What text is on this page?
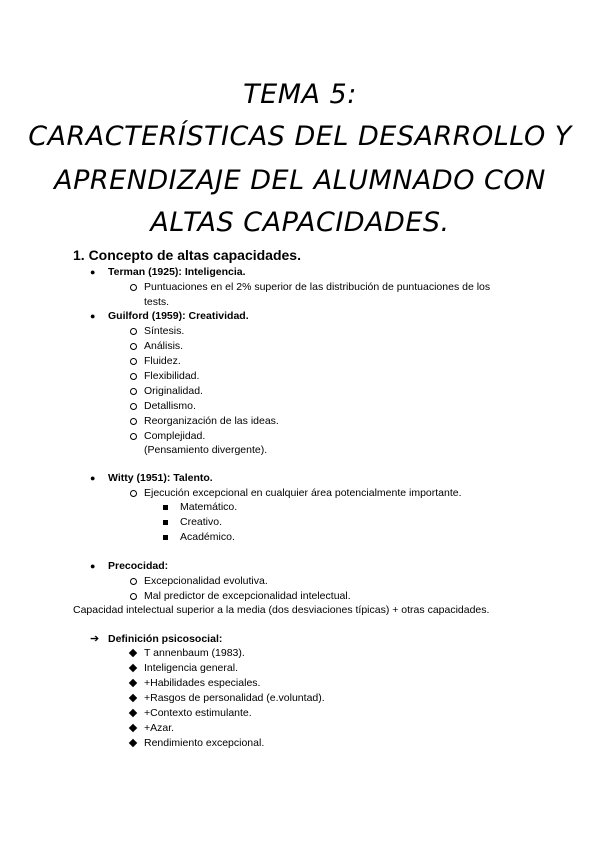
TEMA 5:
CARACTERÍSTICAS DEL DESARROLLO Y
APRENDIZAJE DEL ALUMNADO CON
ALTAS CAPACIDADES.
1. Concepto de altas capacidades.
● Terman (1925): Inteligencia.
Puntuaciones en el 2% superior de las distribución de puntuaciones de los
tests.
● Guilford (1959): Creatividad.
Síntesis.
Análisis.
Fluidez.
Flexibilidad.
Originalidad.
Detallismo.
Reorganización de las ideas.
Complejidad.
(Pensamiento divergente).
● Witty (1951): Talento.
Ejecución excepcional en cualquier área potencialmente importante.
Matemático.
Creativo.
Académico.
● Precocidad:
Excepcionalidad evolutiva.
Mal predictor de excepcionalidad intelectual.
Capacidad intelectual superior a la media (dos desviaciones típicas) + otras capacidades.
➔ Definición psicosocial:
T annenbaum (1983).
Inteligencia general.
+Habilidades especiales.
+Rasgos de personalidad (e.voluntad).
+Contexto estimulante.
+Azar.
Rendimiento excepcional.
